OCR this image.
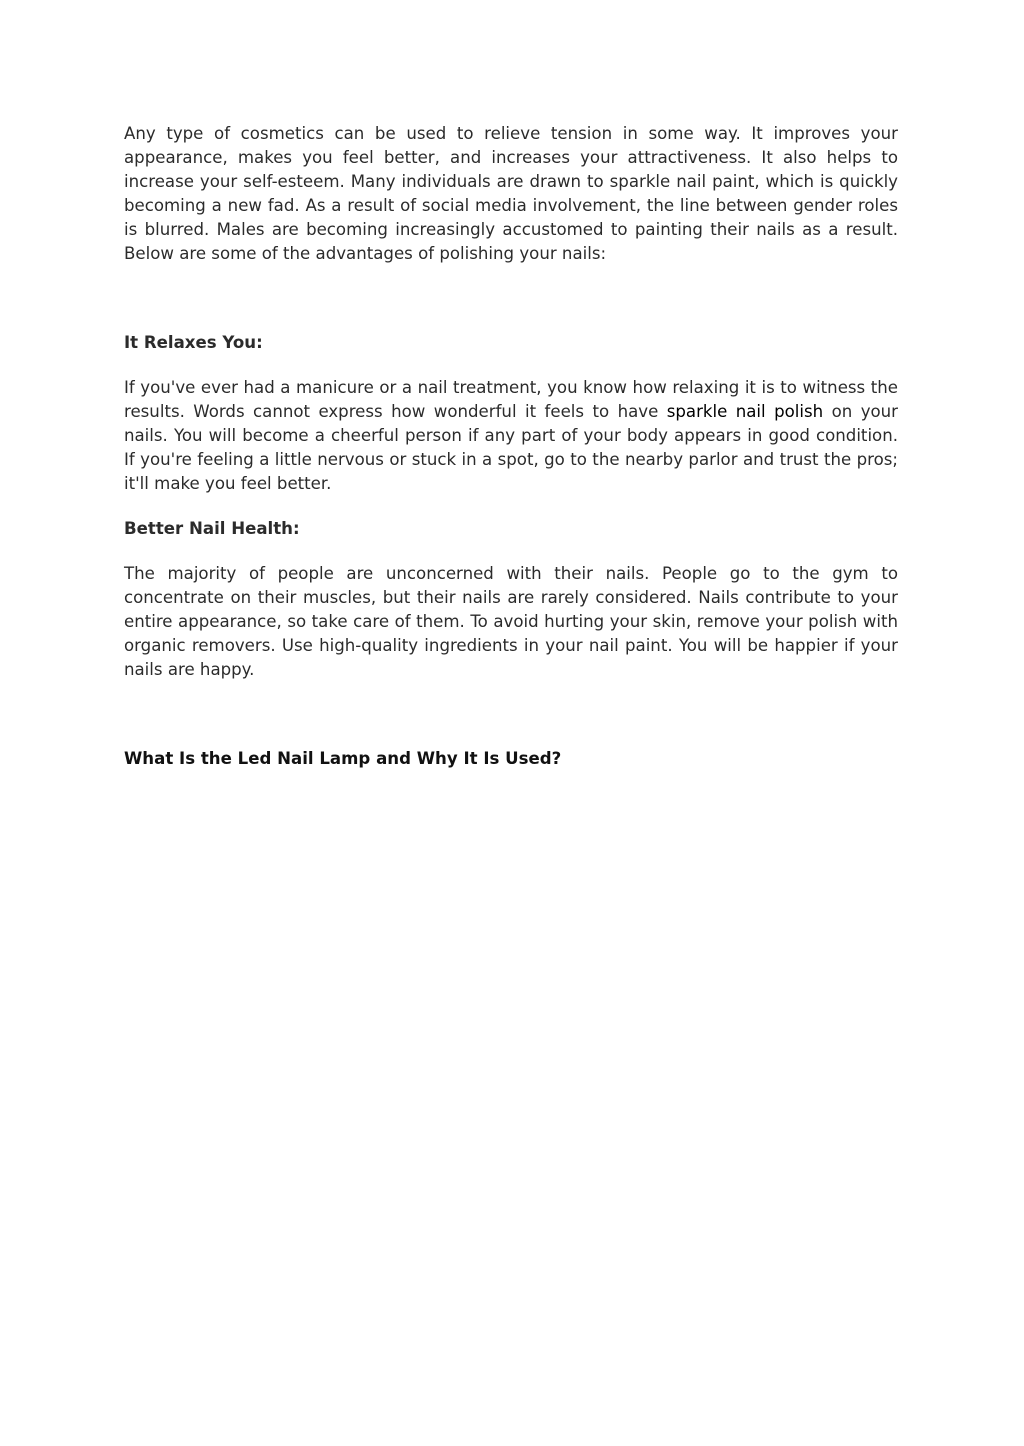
Any type of cosmetics can be used to relieve tension in some way. It improves your appearance, makes you feel better, and increases your attractiveness. It also helps to increase your self-esteem. Many individuals are drawn to sparkle nail paint, which is quickly becoming a new fad. As a result of social media involvement, the line between gender roles is blurred. Males are becoming increasingly accustomed to painting their nails as a result. Below are some of the advantages of polishing your nails:

It Relaxes You:

If you've ever had a manicure or a nail treatment, you know how relaxing it is to witness the results. Words cannot express how wonderful it feels to have sparkle nail polish on your nails. You will become a cheerful person if any part of your body appears in good condition. If you're feeling a little nervous or stuck in a spot, go to the nearby parlor and trust the pros; it'll make you feel better.

Better Nail Health:

The majority of people are unconcerned with their nails. People go to the gym to concentrate on their muscles, but their nails are rarely considered. Nails contribute to your entire appearance, so take care of them. To avoid hurting your skin, remove your polish with organic removers. Use high-quality ingredients in your nail paint. You will be happier if your nails are happy.

What Is the Led Nail Lamp and Why It Is Used?
